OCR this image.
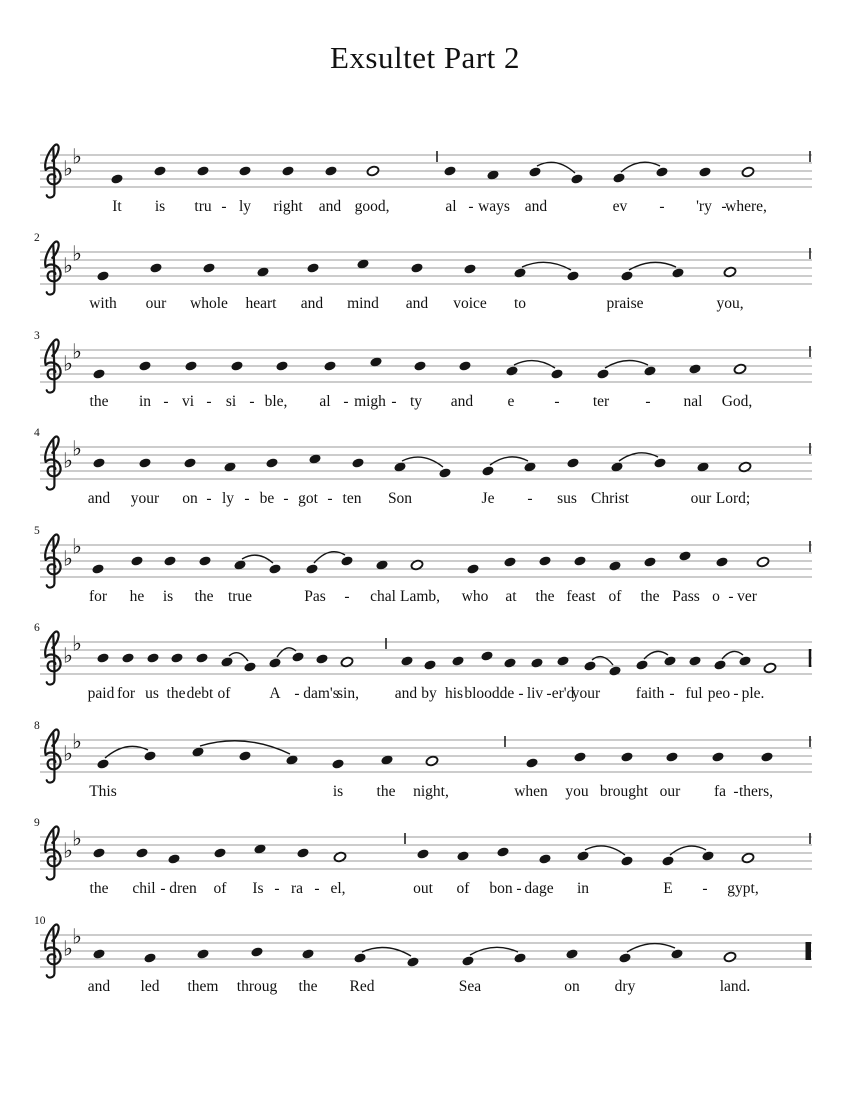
Exsultet Part 2
♭ ♭
It is tru - ly right and good,	al - ways and	ev - 'ry -
where,
♭ ♭
2
with our whole heart and mind and voice to	praise	you,
♭ ♭
3
the in - vi - si - ble, al - migh - ty and e	- ter - nal God,
♭ ♭
4
and your on - ly - be - got - ten Son	Je - sus Christ	our Lord;
♭ ♭
5
for he is the true	Pas - chal Lamb, who at the feast of the Pass o - ver
♭ ♭
6
paid for us the debt of	A - dam's
sin, and by his blood de - liv - er'd
your faith - ful peo - ple.
♭ ♭
8
This	is the night,	when you brought our fa - thers,
♭ ♭
9
the chil - dren of Is - ra - el,	out of bon - dage in	E - gypt,
♭ ♭
10
and led them throug the Red	Sea	on dry	land.
